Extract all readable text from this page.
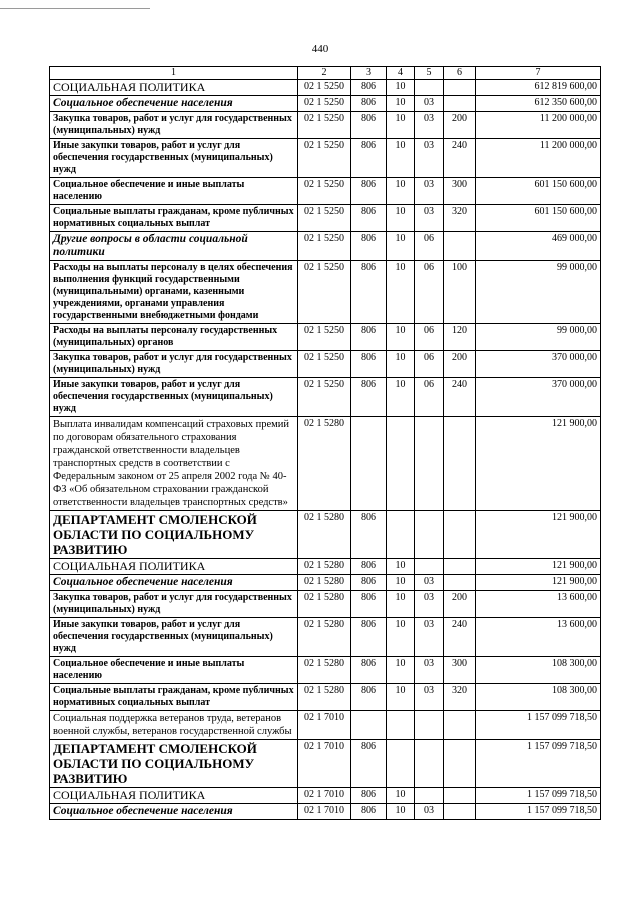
440
1	2	3	4	5	6	7
СОЦИАЛЬНАЯ ПОЛИТИКА	02 1 5250	806	10			612 819 600,00
Социальное обеспечение населения	02 1 5250	806	10	03		612 350 600,00
Закупка товаров, работ и услуг для государственных (муниципальных) нужд	02 1 5250	806	10	03	200	11 200 000,00
Иные закупки товаров, работ и услуг для обеспечения государственных (муниципальных) нужд	02 1 5250	806	10	03	240	11 200 000,00
Социальное обеспечение и иные выплаты населению	02 1 5250	806	10	03	300	601 150 600,00
Социальные выплаты гражданам, кроме публичных нормативных социальных выплат	02 1 5250	806	10	03	320	601 150 600,00
Другие вопросы в области социальной политики	02 1 5250	806	10	06		469 000,00
Расходы на выплаты персоналу в целях обеспечения выполнения функций государственными (муниципальными) органами, казенными учреждениями, органами управления государственными внебюджетными фондами	02 1 5250	806	10	06	100	99 000,00
Расходы на выплаты персоналу государственных (муниципальных) органов	02 1 5250	806	10	06	120	99 000,00
Закупка товаров, работ и услуг для государственных (муниципальных) нужд	02 1 5250	806	10	06	200	370 000,00
Иные закупки товаров, работ и услуг для обеспечения государственных (муниципальных) нужд	02 1 5250	806	10	06	240	370 000,00
Выплата инвалидам компенсаций страховых премий по договорам обязательного страхования гражданской ответственности владельцев транспортных средств в соответствии с Федеральным законом от 25 апреля 2002 года № 40-ФЗ «Об обязательном страховании гражданской ответственности владельцев транспортных средств»	02 1 5280					121 900,00
ДЕПАРТАМЕНТ СМОЛЕНСКОЙ ОБЛАСТИ ПО СОЦИАЛЬНОМУ РАЗВИТИЮ	02 1 5280	806				121 900,00
СОЦИАЛЬНАЯ ПОЛИТИКА	02 1 5280	806	10			121 900,00
Социальное обеспечение населения	02 1 5280	806	10	03		121 900,00
Закупка товаров, работ и услуг для государственных (муниципальных) нужд	02 1 5280	806	10	03	200	13 600,00
Иные закупки товаров, работ и услуг для обеспечения государственных (муниципальных) нужд	02 1 5280	806	10	03	240	13 600,00
Социальное обеспечение и иные выплаты населению	02 1 5280	806	10	03	300	108 300,00
Социальные выплаты гражданам, кроме публичных нормативных социальных выплат	02 1 5280	806	10	03	320	108 300,00
Социальная поддержка ветеранов труда, ветеранов военной службы, ветеранов государственной службы	02 1 7010					1 157 099 718,50
ДЕПАРТАМЕНТ СМОЛЕНСКОЙ ОБЛАСТИ ПО СОЦИАЛЬНОМУ РАЗВИТИЮ	02 1 7010	806				1 157 099 718,50
СОЦИАЛЬНАЯ ПОЛИТИКА	02 1 7010	806	10			1 157 099 718,50
Социальное обеспечение населения	02 1 7010	806	10	03		1 157 099 718,50
